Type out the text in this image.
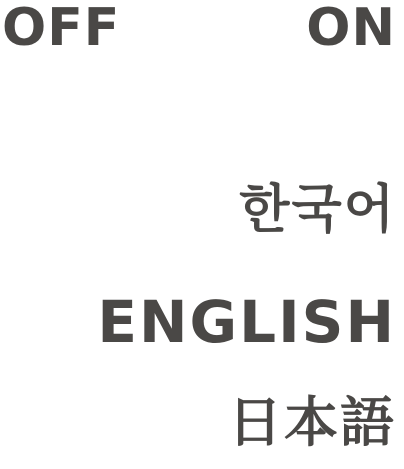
OFF	ON
한국어
ENGLISH
日本語
